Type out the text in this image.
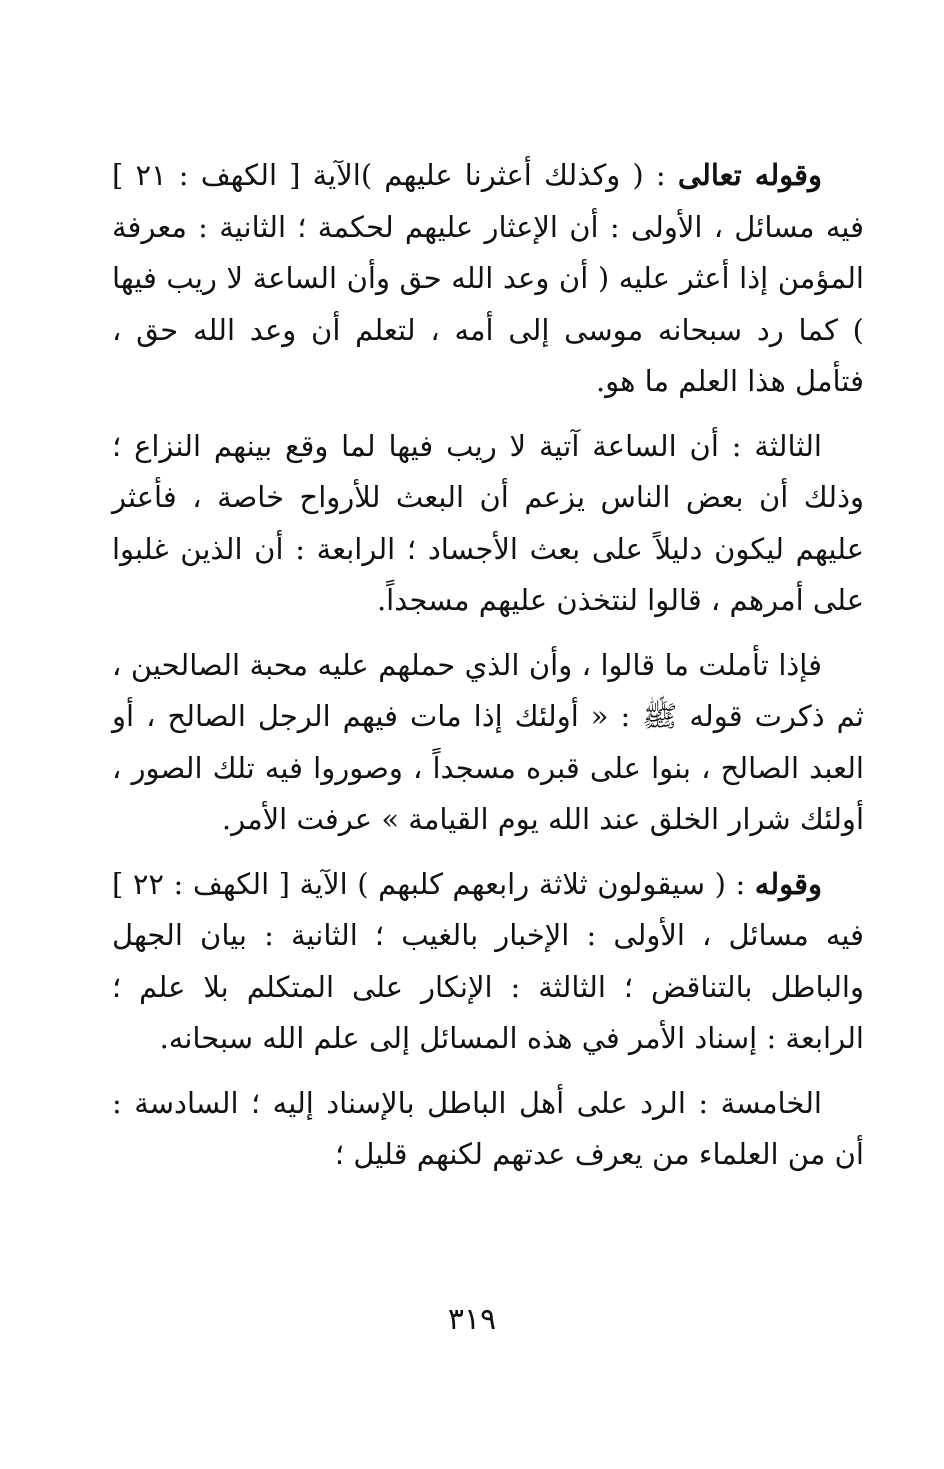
وقوله تعالى : ( وكذلك أعثرنا عليهم )الآية [ الكهف : ٢١ ] فيه مسائل ، الأولى : أن الإعثار عليهم لحكمة ؛ الثانية : معرفة المؤمن إذا أعثر عليه ( أن وعد الله حق وأن الساعة لا ريب فيها ) كما رد سبحانه موسى إلى أمه ، لتعلم أن وعد الله حق ، فتأمل هذا العلم ما هو.

الثالثة : أن الساعة آتية لا ريب فيها لما وقع بينهم النزاع ؛ وذلك أن بعض الناس يزعم أن البعث للأرواح خاصة ، فأعثر عليهم ليكون دليلاً على بعث الأجساد ؛ الرابعة : أن الذين غلبوا على أمرهم ، قالوا لنتخذن عليهم مسجداً.

فإذا تأملت ما قالوا ، وأن الذي حملهم عليه محبة الصالحين ، ثم ذكرت قوله ﷺ : « أولئك إذا مات فيهم الرجل الصالح ، أو العبد الصالح ، بنوا على قبره مسجداً ، وصوروا فيه تلك الصور ، أولئك شرار الخلق عند الله يوم القيامة » عرفت الأمر.

وقوله : ( سيقولون ثلاثة رابعهم كلبهم ) الآية [ الكهف : ٢٢ ] فيه مسائل ، الأولى : الإخبار بالغيب ؛ الثانية : بيان الجهل والباطل بالتناقض ؛ الثالثة : الإنكار على المتكلم بلا علم ؛ الرابعة : إسناد الأمر في هذه المسائل إلى علم الله سبحانه.

الخامسة : الرد على أهل الباطل بالإسناد إليه ؛ السادسة : أن من العلماء من يعرف عدتهم لكنهم قليل ؛

٣١٩
